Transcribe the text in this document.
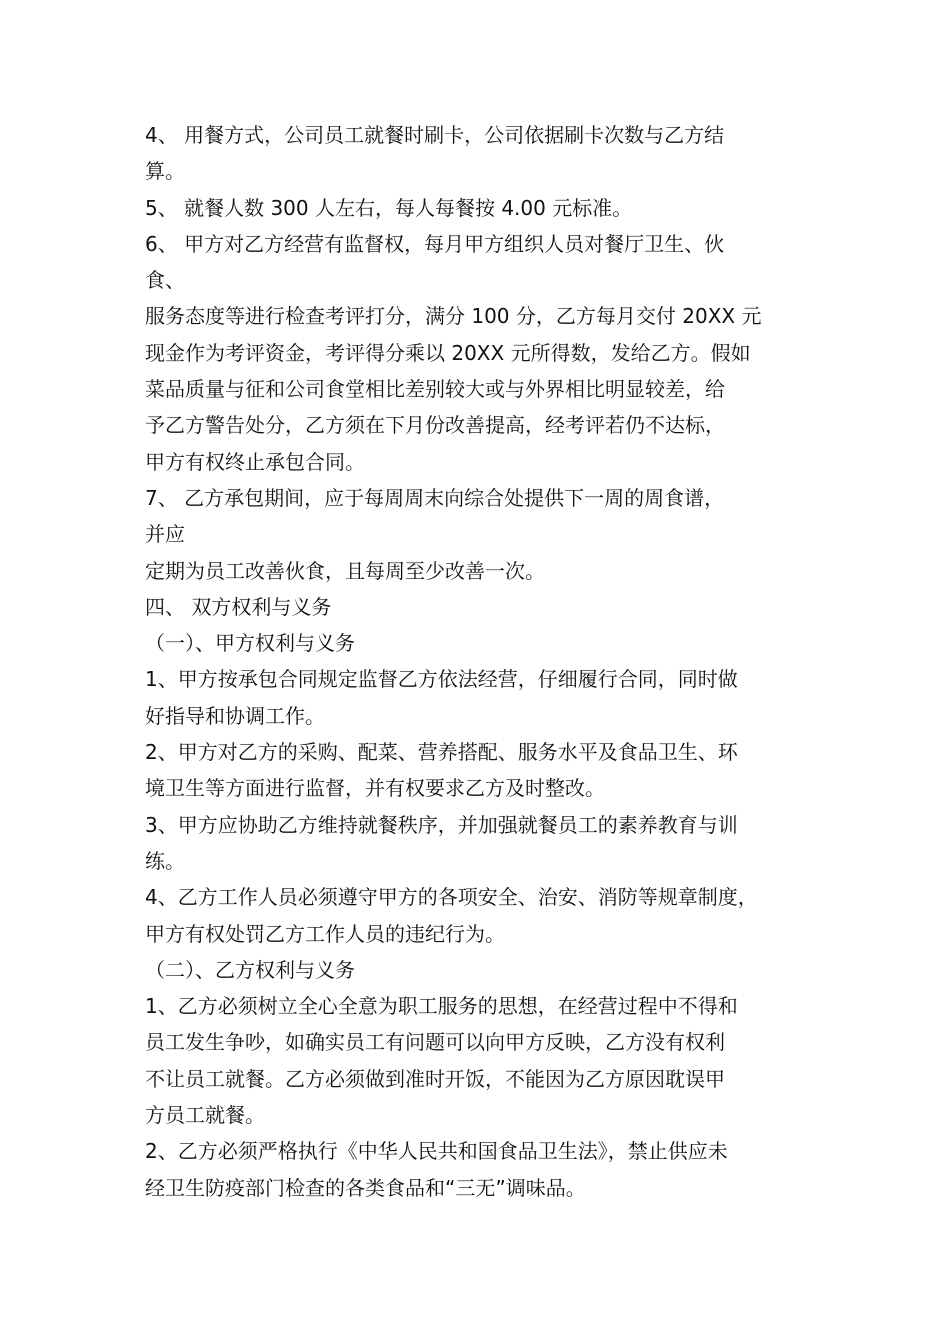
4、 用餐方式，公司员工就餐时刷卡，公司依据刷卡次数与乙方结
算。
5、 就餐人数 300 人左右，每人每餐按 4.00 元标准。
6、 甲方对乙方经营有监督权，每月甲方组织人员对餐厅卫生、伙
食、
服务态度等进行检查考评打分，满分 100 分，乙方每月交付 20XX 元
现金作为考评资金，考评得分乘以 20XX 元所得数，发给乙方。假如
菜品质量与征和公司食堂相比差别较大或与外界相比明显较差，给
予乙方警告处分，乙方须在下月份改善提高，经考评若仍不达标，
甲方有权终止承包合同。
7、 乙方承包期间，应于每周周末向综合处提供下一周的周食谱，
并应
定期为员工改善伙食，且每周至少改善一次。
四、 双方权利与义务
（一）、甲方权利与义务
1、甲方按承包合同规定监督乙方依法经营，仔细履行合同，同时做
好指导和协调工作。
2、甲方对乙方的采购、配菜、营养搭配、服务水平及食品卫生、环
境卫生等方面进行监督，并有权要求乙方及时整改。
3、甲方应协助乙方维持就餐秩序，并加强就餐员工的素养教育与训
练。
4、乙方工作人员必须遵守甲方的各项安全、治安、消防等规章制度，
甲方有权处罚乙方工作人员的违纪行为。
（二）、乙方权利与义务
1、乙方必须树立全心全意为职工服务的思想，在经营过程中不得和
员工发生争吵，如确实员工有问题可以向甲方反映，乙方没有权利
不让员工就餐。乙方必须做到准时开饭，不能因为乙方原因耽误甲
方员工就餐。
2、乙方必须严格执行《中华人民共和国食品卫生法》，禁止供应未
经卫生防疫部门检查的各类食品和“三无”调味品。
